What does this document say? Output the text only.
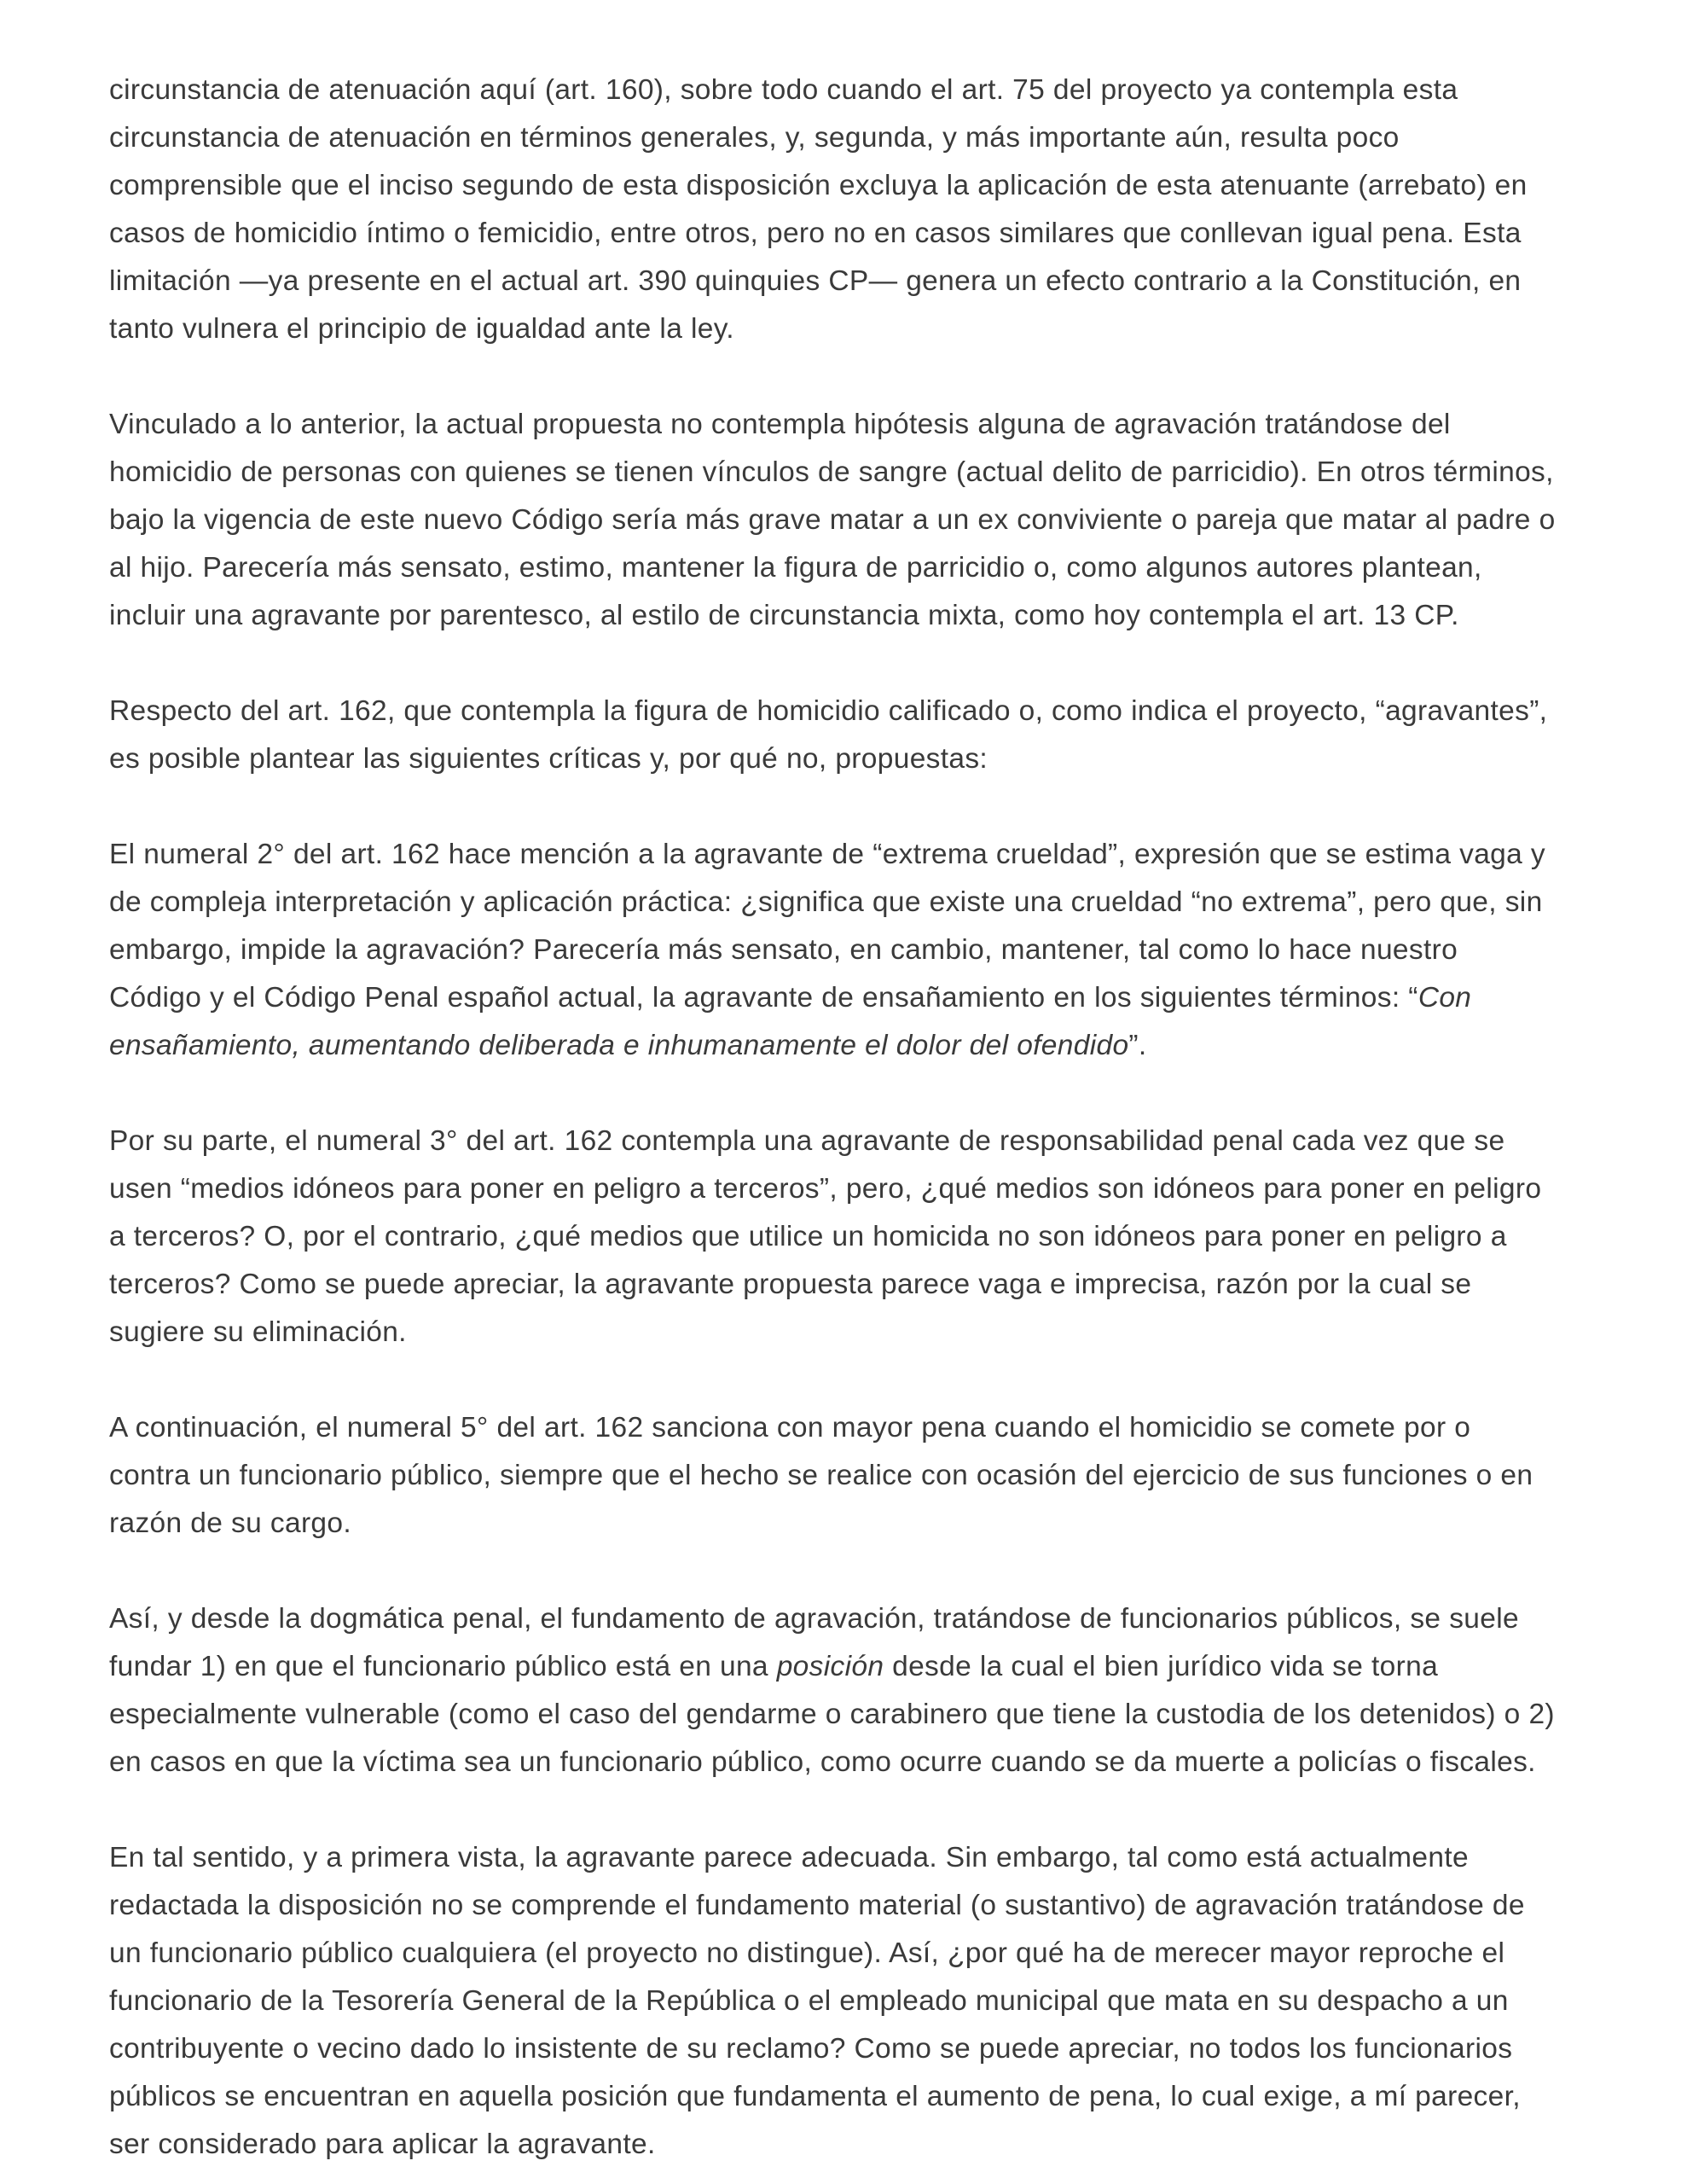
circunstancia de atenuación aquí (art. 160), sobre todo cuando el art. 75 del proyecto ya contempla esta circunstancia de atenuación en términos generales, y, segunda, y más importante aún, resulta poco comprensible que el inciso segundo de esta disposición excluya la aplicación de esta atenuante (arrebato) en casos de homicidio íntimo o femicidio, entre otros, pero no en casos similares que conllevan igual pena. Esta limitación —ya presente en el actual art. 390 quinquies CP— genera un efecto contrario a la Constitución, en tanto vulnera el principio de igualdad ante la ley.

Vinculado a lo anterior, la actual propuesta no contempla hipótesis alguna de agravación tratándose del homicidio de personas con quienes se tienen vínculos de sangre (actual delito de parricidio). En otros términos, bajo la vigencia de este nuevo Código sería más grave matar a un ex conviviente o pareja que matar al padre o al hijo. Parecería más sensato, estimo, mantener la figura de parricidio o, como algunos autores plantean, incluir una agravante por parentesco, al estilo de circunstancia mixta, como hoy contempla el art. 13 CP.

Respecto del art. 162, que contempla la figura de homicidio calificado o, como indica el proyecto, “agravantes”, es posible plantear las siguientes críticas y, por qué no, propuestas:

El numeral 2° del art. 162 hace mención a la agravante de “extrema crueldad”, expresión que se estima vaga y de compleja interpretación y aplicación práctica: ¿significa que existe una crueldad “no extrema”, pero que, sin embargo, impide la agravación? Parecería más sensato, en cambio, mantener, tal como lo hace nuestro Código y el Código Penal español actual, la agravante de ensañamiento en los siguientes términos: “Con ensañamiento, aumentando deliberada e inhumanamente el dolor del ofendido”.

Por su parte, el numeral 3° del art. 162 contempla una agravante de responsabilidad penal cada vez que se usen “medios idóneos para poner en peligro a terceros”, pero, ¿qué medios son idóneos para poner en peligro a terceros? O, por el contrario, ¿qué medios que utilice un homicida no son idóneos para poner en peligro a terceros? Como se puede apreciar, la agravante propuesta parece vaga e imprecisa, razón por la cual se sugiere su eliminación.

A continuación, el numeral 5° del art. 162 sanciona con mayor pena cuando el homicidio se comete por o contra un funcionario público, siempre que el hecho se realice con ocasión del ejercicio de sus funciones o en razón de su cargo.

Así, y desde la dogmática penal, el fundamento de agravación, tratándose de funcionarios públicos, se suele fundar 1) en que el funcionario público está en una posición desde la cual el bien jurídico vida se torna especialmente vulnerable (como el caso del gendarme o carabinero que tiene la custodia de los detenidos) o 2) en casos en que la víctima sea un funcionario público, como ocurre cuando se da muerte a policías o fiscales.

En tal sentido, y a primera vista, la agravante parece adecuada. Sin embargo, tal como está actualmente redactada la disposición no se comprende el fundamento material (o sustantivo) de agravación tratándose de un funcionario público cualquiera (el proyecto no distingue). Así, ¿por qué ha de merecer mayor reproche el funcionario de la Tesorería General de la República o el empleado municipal que mata en su despacho a un contribuyente o vecino dado lo insistente de su reclamo? Como se puede apreciar, no todos los funcionarios públicos se encuentran en aquella posición que fundamenta el aumento de pena, lo cual exige, a mí parecer, ser considerado para aplicar la agravante.
